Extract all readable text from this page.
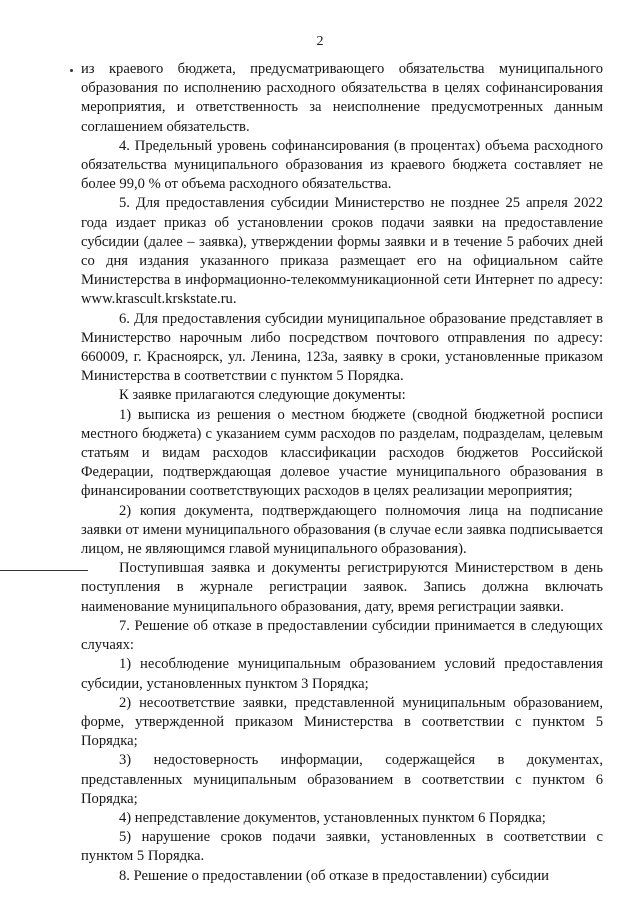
2

из краевого бюджета, предусматривающего обязательства муниципального образования по исполнению расходного обязательства в целях софинансирования мероприятия, и ответственность за неисполнение предусмотренных данным соглашением обязательств.

4. Предельный уровень софинансирования (в процентах) объема расходного обязательства муниципального образования из краевого бюджета составляет не более 99,0 % от объема расходного обязательства.

5. Для предоставления субсидии Министерство не позднее 25 апреля 2022 года издает приказ об установлении сроков подачи заявки на предоставление субсидии (далее – заявка), утверждении формы заявки и в течение 5 рабочих дней со дня издания указанного приказа размещает его на официальном сайте Министерства в информационно-телекоммуникационной сети Интернет по адресу: www.krascult.krskstate.ru.

6. Для предоставления субсидии муниципальное образование представляет в Министерство нарочным либо посредством почтового отправления по адресу: 660009, г. Красноярск, ул. Ленина, 123а, заявку в сроки, установленные приказом Министерства в соответствии с пунктом 5 Порядка.

К заявке прилагаются следующие документы:

1) выписка из решения о местном бюджете (сводной бюджетной росписи местного бюджета) с указанием сумм расходов по разделам, подразделам, целевым статьям и видам расходов классификации расходов бюджетов Российской Федерации, подтверждающая долевое участие муниципального образования в финансировании соответствующих расходов в целях реализации мероприятия;

2) копия документа, подтверждающего полномочия лица на подписание заявки от имени муниципального образования (в случае если заявка подписывается лицом, не являющимся главой муниципального образования).

Поступившая заявка и документы регистрируются Министерством в день поступления в журнале регистрации заявок. Запись должна включать наименование муниципального образования, дату, время регистрации заявки.

7. Решение об отказе в предоставлении субсидии принимается в следующих случаях:

1) несоблюдение муниципальным образованием условий предоставления субсидии, установленных пунктом 3 Порядка;

2) несоответствие заявки, представленной муниципальным образованием, форме, утвержденной приказом Министерства в соответствии с пунктом 5 Порядка;

3) недостоверность информации, содержащейся в документах, представленных муниципальным образованием в соответствии с пунктом 6 Порядка;

4) непредставление документов, установленных пунктом 6 Порядка;

5) нарушение сроков подачи заявки, установленных в соответствии с пунктом 5 Порядка.

8. Решение о предоставлении (об отказе в предоставлении) субсидии
